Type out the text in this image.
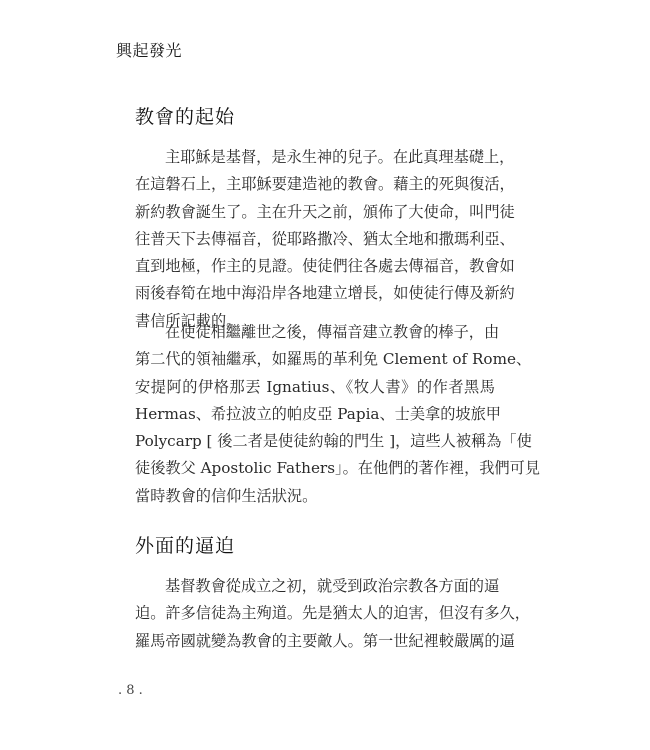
興起發光
教會的起始
主耶穌是基督，是永生神的兒子。在此真理基礎上，
在這磐石上，主耶穌要建造祂的教會。藉主的死與復活，
新約教會誕生了。主在升天之前，頒佈了大使命，叫門徒
往普天下去傳福音，從耶路撒冷、猶太全地和撒瑪利亞、
直到地極，作主的見證。使徒們往各處去傳福音，教會如
雨後春筍在地中海沿岸各地建立增長，如使徒行傳及新約
書信所記載的。
在使徒相繼離世之後，傳福音建立教會的棒子，由
第二代的領袖繼承，如羅馬的革利免 Clement of Rome、
安提阿的伊格那丟 Ignatius、《牧人書》的作者黑馬
Hermas、希拉波立的帕皮亞 Papia、士美拿的坡旅甲
Polycarp [ 後二者是使徒約翰的門生 ]，這些人被稱為「使
徒後教父 Apostolic Fathers」。在他們的著作裡，我們可見
當時教會的信仰生活狀況。
外面的逼迫
基督教會從成立之初，就受到政治宗教各方面的逼
迫。許多信徒為主殉道。先是猶太人的迫害，但沒有多久，
羅馬帝國就變為教會的主要敵人。第一世紀裡較嚴厲的逼
. 8 .
